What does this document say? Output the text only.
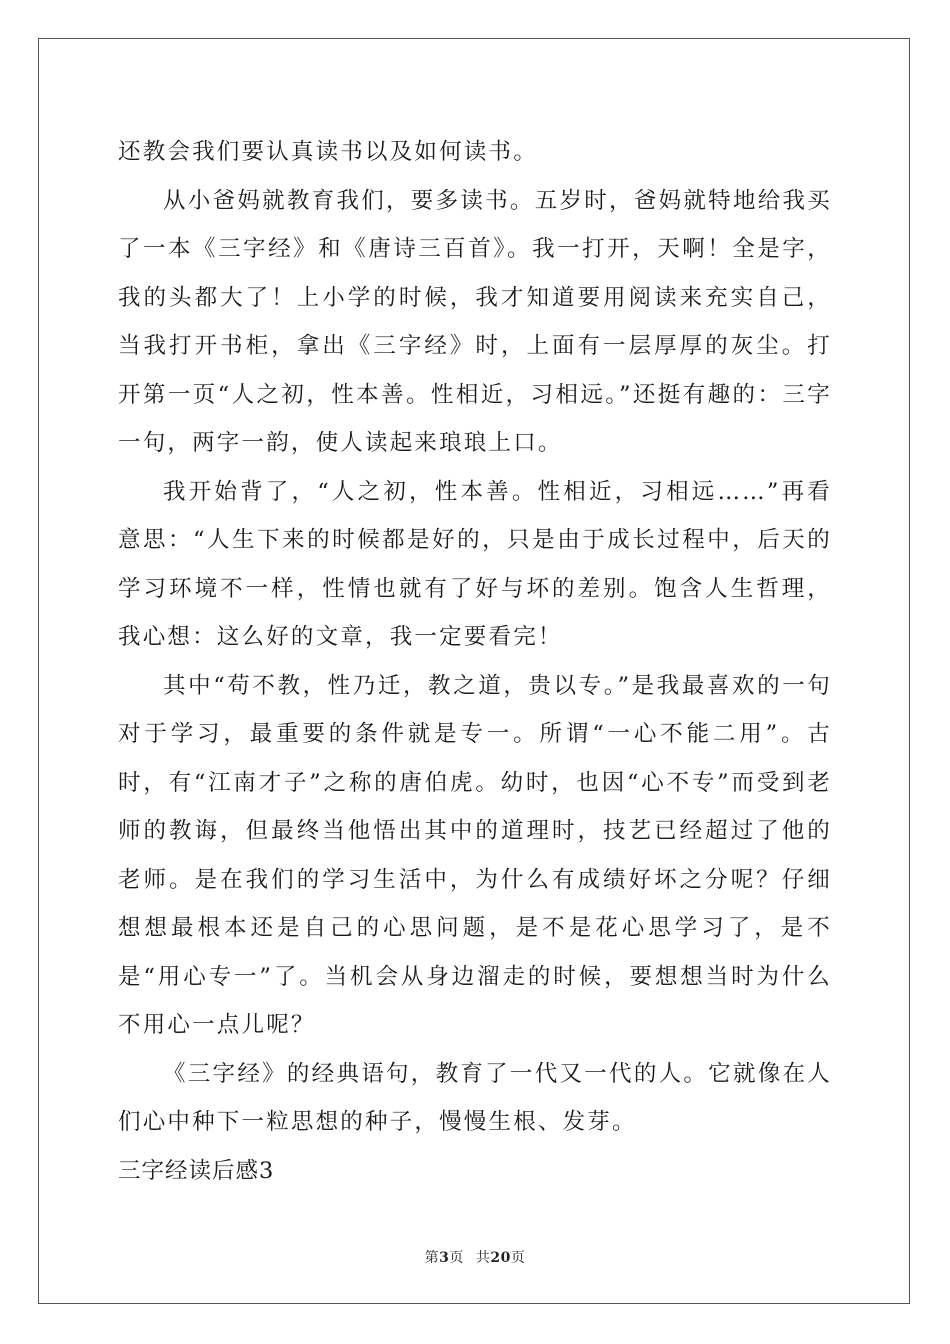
还教会我们要认真读书以及如何读书。

从小爸妈就教育我们，要多读书。五岁时，爸妈就特地给我买了一本《三字经》和《唐诗三百首》。我一打开，天啊！全是字，我的头都大了！上小学的时候，我才知道要用阅读来充实自己，当我打开书柜，拿出《三字经》时，上面有一层厚厚的灰尘。打开第一页“人之初，性本善。性相近，习相远。”还挺有趣的：三字一句，两字一韵，使人读起来琅琅上口。

我开始背了，“人之初，性本善。性相近，习相远……”再看意思：“人生下来的时候都是好的，只是由于成长过程中，后天的学习环境不一样，性情也就有了好与坏的差别。饱含人生哲理，我心想：这么好的文章，我一定要看完！

其中“苟不教，性乃迁，教之道，贵以专。”是我最喜欢的一句对于学习，最重要的条件就是专一。所谓“一心不能二用”。古时，有“江南才子”之称的唐伯虎。幼时，也因“心不专”而受到老师的教诲，但最终当他悟出其中的道理时，技艺已经超过了他的老师。是在我们的学习生活中，为什么有成绩好坏之分呢？仔细想想最根本还是自己的心思问题，是不是花心思学习了，是不是“用心专一”了。当机会从身边溜走的时候，要想想当时为什么不用心一点儿呢？

《三字经》的经典语句，教育了一代又一代的人。它就像在人们心中种下一粒思想的种子，慢慢生根、发芽。

三字经读后感3

第3页 共20页
